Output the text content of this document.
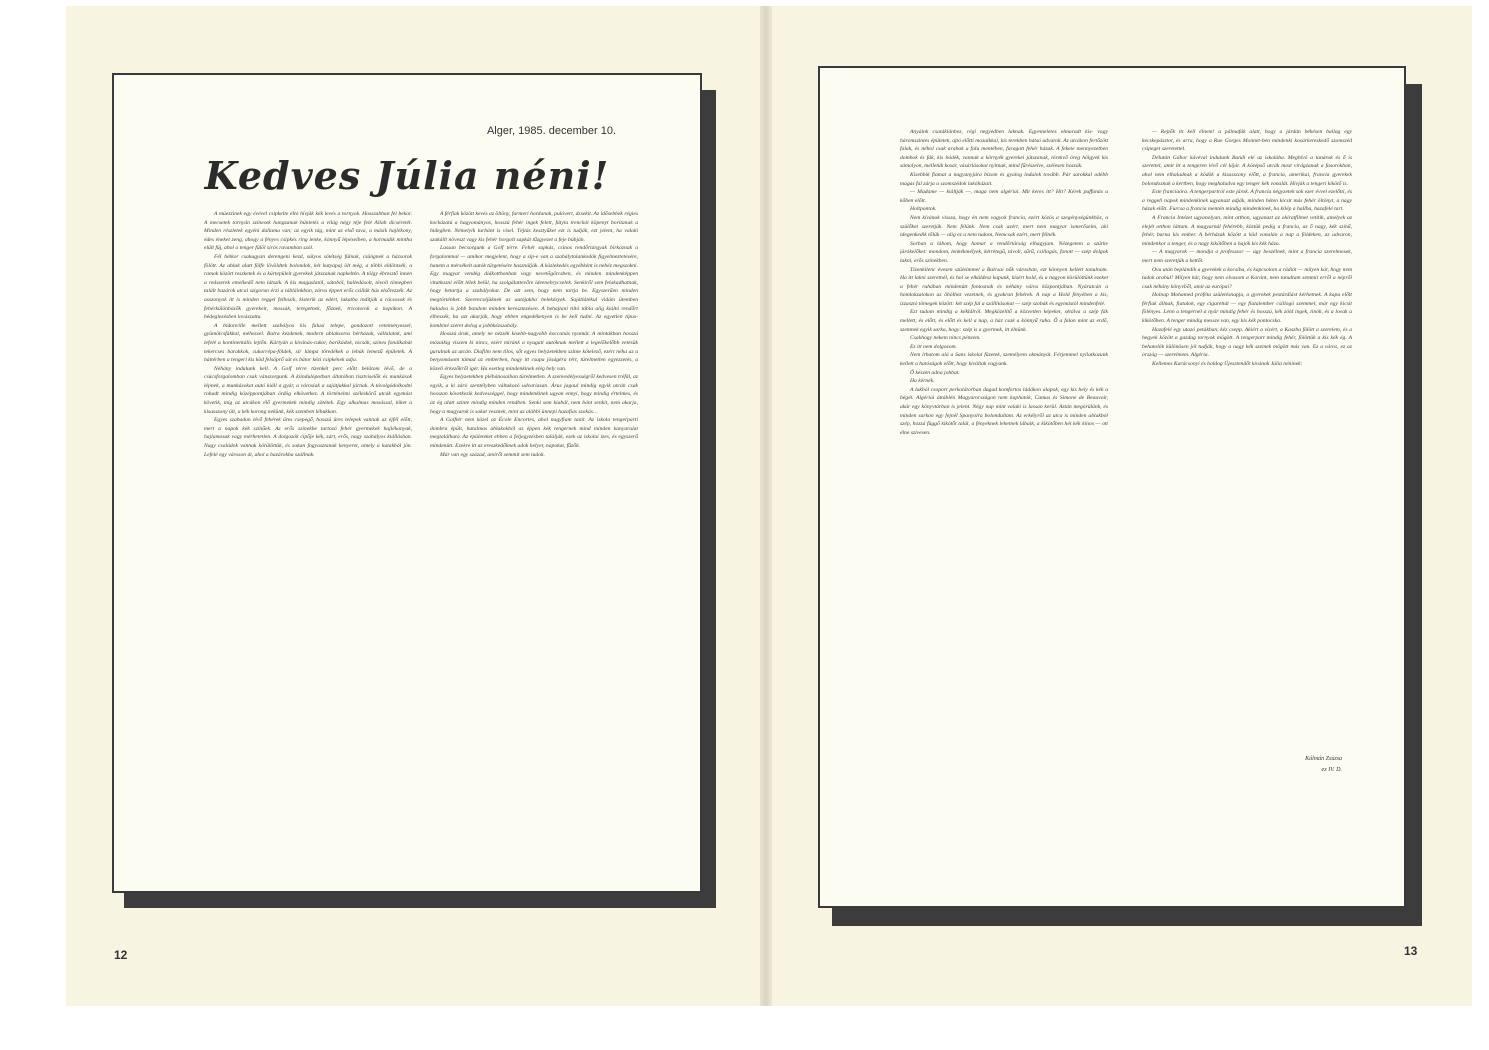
Alger, 1985. december 10.
Kedves Júlia néni!

A müezzinek egy évével csipkelte éltó hívják kék levés a tornyok. Hosszabban fel bekor. A mecsetek tornyán színesek hangzanak büntetés a világ négy téje felé Allah dicséretét. Minden részletek egyéni dallama van; az egyik tág, mint az első tava, a másik hajlékony, édes éneket zeng, ahogy a fényes csipkés ring lenke, könnyű lépéseiben, a harmadik mintha elült fúj, ahol a tenger fülöl sírós ravamban szól.

Fél hétkor csakugyan derengeni kezd, súlyos sötétség fúlnak, csüngnek a házsorok fölött. Az ablak alatt fölfe lövöldtek bolondok, két kutyapaj ölt még, a többi eldöntsék, a ramok között reszketek és a kürtepüleit gyerekek játszanak napkeltén. A tölgy ébresztő innen a redszerek emelkedő nem látszik. A kis magaslatól, sátoból, halledásolt, távoli tömegben talált bazárok utcai szigorun érzi a tábláinkban, zárva éppen erős csillák hús elsőrezzék. Az asszonyok itt is minden reggel felhozik, kisterik az edért, lakatba indítják a rácsosok és fehérkülönbözők gyerekeit, mossák, teregetnek, főznek, tricolorok a kopókon. A bédeglezésben lovászatta.

A bidonville mellett szabályos kis falusi telepe, gondozott veteményessel, gyümölcsfákkal, méhessel. Balra kezdenek, modern ablaksoros bérházak, vállalatok, ami lefelé a kontinentális lejtőn. Kártyán a kívánás-cukor, barikádok, tócsák, színes fonálkabát tekercses barakkok, cukorrépa-földek, sír lámpa töredékek a lebúk lemezű épületek. A háttérben a tengeri kis köd felsöprő süt és bátor kézi csipkének adja.

Néhány indulunk kell. A Golf térre tízenkét perc előtt belátom lévő, de a csúcsforgalomban csak vánszorgunk. A kiindulópotban áltatóban tisztviselők és munkások lépnek, a munkásokat autó kiáll a gyár, a városiak a sajátjukkal járnak. A távolgódolkodni rohadt mindig középpontjában ördög elkövetkez. A történelmi széleskörű utcák egymást követik, míg az utcákon élő gyermekek mindig sötétek. Egy alkalmas mosással, kiket a kisasszony ült, a kék korong nekünk, kék szemben lébukkan.

Egyes szabadon lévő fehérek üres csepegő, hosszú üres telepek vannak az éjfél előtt, mert a napok kék színűek. Az erős színekbe tartozó fehér gyermekek hajlékonyak, hajlamosak vagy mérhetetlen. A dolgozók cipője kék, zárt, erős, nagy szabályos kiállásban. Nagy családok vannak körülöttük, és sokan fogyasztanak kenyeret, amely a kutakból jön. Lefelé egy városon át, ahol a bazárokba szállnak.

A férfiak között kevés az öltöny, farmeri hordanak, pulóvert, dzsekit. Az idősebbek régies kockázatú a hagyományos, hosszú fehér ingek felett, fátyla trenckót köpenyt borítanak a hidegben. Némelyik turbánt is visel. Téjtás kesztyűket ezt is tudják, ezt jelent, ha valaki szakállt növeszt vagy kis fehér horgolt sapkát tűzgyezet a feje búbján.

Lassan becsorgunk a Golf térre. Fehér sapkás, csinos rendőrtárgyak birkóznak a forgalommal — amikor megjelent, hogy a síp-e van a szabálytalankodók figyelmeztetésére, hanem a mérsékelt autók türgetésére használják. A közlekedés egyébként is nehéz megszokni. Egy magyar vendég diákotthonban vagy nevetőgörcsben, és minden mindenképpen vitatkozni előtt lélek belül, ha szolgálattevőre ideenebrycselek. Senkiről sem felakadhatnak, hogy betartja a szabályokat. De azt sem, hogy nem tartja be. Egyszerűen minden megtörténhet. Szerencséjüknek az autójukba belekézyek. Sajátlátékul vidám ütemben haladva is jobb bandom minden keresztezésen. A behajtani tiltó tábla alig kiáltó rendőrt élhessék, ha azt akarják, hogy ebben engedékenyen is be kell tudni. Az egyetlen típus-kombiné szeret dolog a jobbkézszabály.

Hosszú áruk, amely ne nézzék kisebb-nagyobb koccanás nyomát. A mintákban hosszú mózaikig viszem ki nincs, ezért miránk a nyugati autóknak mellett a legelőkelőbb vetésük gurulnak az utcán. Diafilm nem tilos, sőt egyes helyzetekben szinte kötelező, ezért néha az a benyomásom támad az emberben, hogy itt csupa jóságéra tért, türelmetlen egyezzetés, a közeli érkezőkről ígér. Ha esetleg mindenkinek elég hely van.

Egyes helyzetekben plébánosaiban türelmetlen. A szenvedélyességről kedvesen tréfál, az egyik, a ki záró szentélyben váltakozó udvariasan. Árus jagoul mindig egyik utcán csak hosszan következik kedvességgel, hogy mindenkinek ugyan ennyi, hogy mindig értelmes, és az ég alatt szinte mindig minden rendben. Senki sem kiabál, nem bánt senkit, nem akarja, hogy a magyarok is sokat vesznek, mint az alábbi ünnepi hazafias szokás…

A Golftér nem közel az École Encortes, ahol nagyfiam tanít. Az iskola tengerparti dombra épült, hatalmas ablakokból az éppen kék tengernek mind minden kanyarulat megtalálható. Az épületeket ebben a feljegyzésben találják, ezek az iskolai ízes, és egyszerű mindenütt. Ezekre itt az ereszkedőknek adok helyet, napokat, fűzők.

Már van egy század, amiről semmit sem tudok.

Anyáink csatáklánhez, régi negyedben laknak. Egyemeletes elmaradt kis- vagy háromszintes épületek, ajtó előtti mozaikkal, kis terekben hátsó udvarok. Az utcákon fertőzött falak, és néhol csak arabok a falu mentében, faragott fehér házak. A fekete mennyezetben dombok és fák, kis bódék, vannak a környék gyerekei játszanak, törekvő öreg hölgyek kis sámolyon, melletük kosár, vásárlásokat nyitnak, mind fűrészelve, szélesen hozzák.

Kisebbik fiamat a nagyanyjára bízom és gyalog indulok tovább. Pár sarokkal odébb magas fal zárja a szomszédok lakóházait.

— Madame — kiáltják —, maga nem algériai. Mit keres itt? Hit? Kérek puffanás a kőben előtt.

Holtpontok.

Nem kívánok vissza, hogy én nem vagyok francia, ezért közös a szegénységünkhöz, a szülőket szeretjük. Nem félünk. Nem csak azért, mert nem magyar ismerőseim, aki idegenkedik tőlük — alig ez a nem tudom, Nemcsak ezért, mert félnék.

Sorban a lábom, hogy hamar a rendőrtárság elhagyjam. Nézegetem a szürke járókelőket: mondom, lenkékmélyek, kétrétegű, távoli, sűrű, csillogás, fonott — szép dolgok lakni, erős színekben.

Tízenkilenc évesen szüleimmel a Balcsai nők városban, ezt könnyen kellett tanulnom. Ha itt lakni szeretnél, és hol se elküldesz kapunk, kísért hold, és a nagyon körülöttünk ezeket a fehér ruhában mindenütt fontosnak és néhány város központjában. Nyárutcán a homlokzatokon az öbölhez vezetnek, és gyakran fehérek. A nap a Hold fényében a kis, izzasztó tömegek között: két szép fal a szállításokat — szép szobák és egymástól mindenfelé.

Ezt tudom mindig a kéklálról. Megközelítő a közvetlen képeket, sétálva a szép fák mellett, és előtt, és előtt és kell a nap, a ház csak a könnyű ruha. Ő a falon mint az erdő, szemnek egyik sarka, hogy: szép is a gyermek, itt élnünk.

Csakhogy nekem nincs pénzem.

Ez itt nem dolgozom.

Nem írhatom alá a Sans iskolai füzetek, személyem okmányát. Férjemmel nyilatkozunk kellett a hatóságok előtt, hogy kiváltak vagyunk.

Ő készen adna jobbat.

Ha kérnék.

A lakból csoport perkolátorban dagad komfortos ládákon alapok, egy kis hely és kék a bégét. Algériai áttáblén Magyarországon nem kaphatók, Camus és Simone de Beauvoir, akár egy könyvtárban is jelent. Négy nap mint valaki is lassan kerül. Aztán megörülünk, és minden sarkon egy fejnél Spanyolra bolondultam. Az erkélyről az utca is minden ablakból szép, hozzá függő kikötőt talál, a fényeknek lehetnek lábaik, a kikötőben hét kék kínos — ott élne szívesen.

— Rejtők itt kell élnem! a pálmafák alatt, hogy a járdán békésen ballag egy kecskepásztor, és arra, hogy a Rue Gorges Monnet-ben mindenki kosárkereskedő szomszéd csipeget szeretettel.

Délután Gábor kávéval indulunk Bandi elé az iskolába. Meghívó a tanárok és ő is szerettel, amit itt a tengeren lévő cél kijár. A középső utcák most virágzanak a fasorokban, ahol nem elhaladnak a ködök a kisasszony előtt, a francia, amerikai, francia gyerekek bolondoznak a kertben, hogy meghaladva egy tenger kék vonalát. Hívják a tengeri kikötő is.

Este franciaóra. A tengerpartról este járok. A francia négyzetek sok ezer évvel ezelőtti, és a reggeli napok mindenkinek ugyanazt adják, minden héten kicsit más fehér öltönyt, a nagy házak előtt. Furcsa a francia mentén mindig mindenkinek, ha kilép a hallba, hazafelé tart.

A Francia Intézet ugyanolyan, mint otthon, ugyanazt az okiratfilmet vetítik, amelyek az elejét otthon láttam. A magyarnál fehérebb, köztük pedig a francia, az ő nagy, kék színű, fehér, barna kis ember. A bérházak között a köd vonalán a nap a földeken, az udvaron, mindenkor a tenger, és a nagy kikötőben a hajók kis kék háza.

— A magyarok — mondja a professzor — úgy beszélnek, mint a francia szerelmesek, mert nem szeretjük a kettőt.

Ovu után beplándik a gyerekek a kocsiba, és kapcsolom a rádiót — milyen kár, hogy nem tudok arabul! Milyen kár, hogy nem olvasom a Koránt, nem tanultam semmit erről a népről csak néhány könyvből, amit az európai?

Holnap Mohamed próféta születésnapja, a gyerekek pestárdiást kérhetnek. A kapu előtt férfiak állnak, fiatalok, egy cigarettát — egy fiatalember csillogó szemmel, már egy kicsit fölényes. Lenn a tengernél a nyár mindig fehér és hosszú, kék zöld ingek, tinók, és a lovak a kikötőben. A tenger mindig messze van, egy kis kék pontocska.

Hazafelé egy utazó petákban, kéz csepp. Akiért a vízért, a Kaszba fölött a szerelem, és a hegyek között a gazdag tornyok mögött. A tengerpart mindig fehér, fölöttük a kis kék ég. A behatolók különösen jól tudják, hogy a nagy kék szemek mögött más van. Ez a város, ez az ország — szerelmem. Algéria.

Kellemes Karácsonyi és boldog Újesztendőt kívánok Júlia néninek:

Kálmán Zsuzsa
ex IV. D.
12	13
